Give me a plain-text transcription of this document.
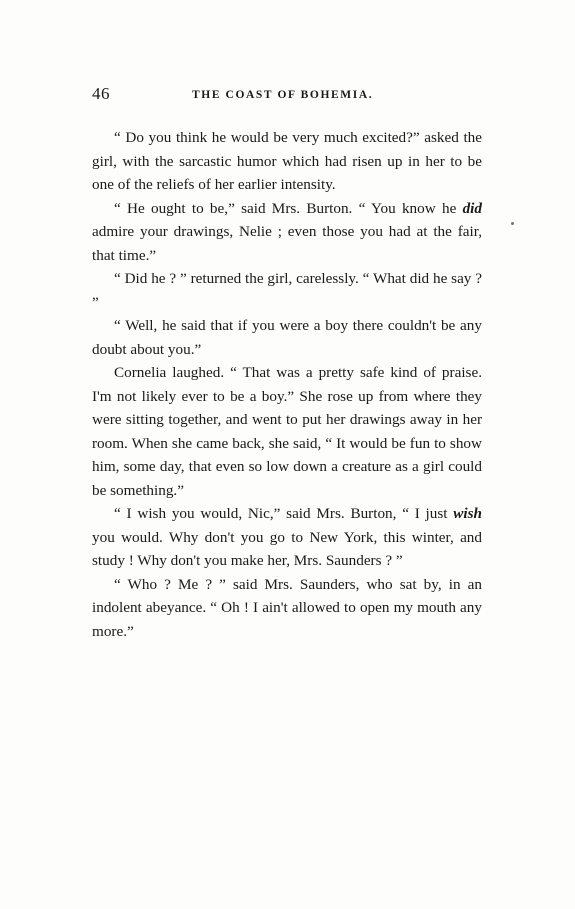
46	THE COAST OF BOHEMIA.

“ Do you think he would be very much excited?” asked the girl, with the sarcastic humor which had risen up in her to be one of the reliefs of her earlier intensity.

“ He ought to be,” said Mrs. Burton. “ You know he did admire your drawings, Nelie ; even those you had at the fair, that time.”

“ Did he ? ” returned the girl, carelessly. “ What did he say ? ”

“ Well, he said that if you were a boy there couldn't be any doubt about you.”

Cornelia laughed. “ That was a pretty safe kind of praise. I'm not likely ever to be a boy.” She rose up from where they were sitting together, and went to put her drawings away in her room. When she came back, she said, “ It would be fun to show him, some day, that even so low down a creature as a girl could be something.”

“ I wish you would, Nic,” said Mrs. Burton, “ I just wish you would. Why don't you go to New York, this winter, and study ! Why don't you make her, Mrs. Saunders ? ”

“ Who ? Me ? ” said Mrs. Saunders, who sat by, in an indolent abeyance. “ Oh ! I ain't allowed to open my mouth any more.”
